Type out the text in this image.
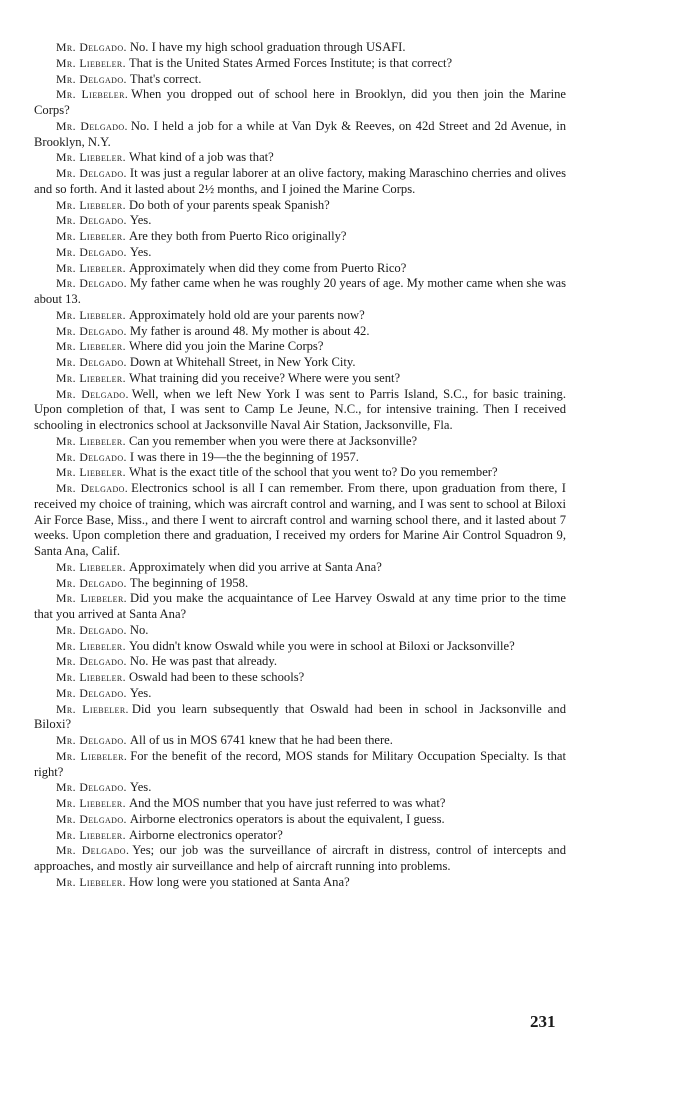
Mr. Delgado. No. I have my high school graduation through USAFI.

Mr. Liebeler. That is the United States Armed Forces Institute; is that correct?

Mr. Delgado. That's correct.

Mr. Liebeler. When you dropped out of school here in Brooklyn, did you then join the Marine Corps?

Mr. Delgado. No. I held a job for a while at Van Dyk & Reeves, on 42d Street and 2d Avenue, in Brooklyn, N.Y.

Mr. Liebeler. What kind of a job was that?

Mr. Delgado. It was just a regular laborer at an olive factory, making Maraschino cherries and olives and so forth. And it lasted about 2½ months, and I joined the Marine Corps.

Mr. Liebeler. Do both of your parents speak Spanish?

Mr. Delgado. Yes.

Mr. Liebeler. Are they both from Puerto Rico originally?

Mr. Delgado. Yes.

Mr. Liebeler. Approximately when did they come from Puerto Rico?

Mr. Delgado. My father came when he was roughly 20 years of age. My mother came when she was about 13.

Mr. Liebeler. Approximately hold old are your parents now?

Mr. Delgado. My father is around 48. My mother is about 42.

Mr. Liebeler. Where did you join the Marine Corps?

Mr. Delgado. Down at Whitehall Street, in New York City.

Mr. Liebeler. What training did you receive? Where were you sent?

Mr. Delgado. Well, when we left New York I was sent to Parris Island, S.C., for basic training. Upon completion of that, I was sent to Camp Le Jeune, N.C., for intensive training. Then I received schooling in electronics school at Jacksonville Naval Air Station, Jacksonville, Fla.

Mr. Liebeler. Can you remember when you were there at Jacksonville?

Mr. Delgado. I was there in 19—the the beginning of 1957.

Mr. Liebeler. What is the exact title of the school that you went to? Do you remember?

Mr. Delgado. Electronics school is all I can remember. From there, upon graduation from there, I received my choice of training, which was aircraft control and warning, and I was sent to school at Biloxi Air Force Base, Miss., and there I went to aircraft control and warning school there, and it lasted about 7 weeks. Upon completion there and graduation, I received my orders for Marine Air Control Squadron 9, Santa Ana, Calif.

Mr. Liebeler. Approximately when did you arrive at Santa Ana?

Mr. Delgado. The beginning of 1958.

Mr. Liebeler. Did you make the acquaintance of Lee Harvey Oswald at any time prior to the time that you arrived at Santa Ana?

Mr. Delgado. No.

Mr. Liebeler. You didn't know Oswald while you were in school at Biloxi or Jacksonville?

Mr. Delgado. No. He was past that already.

Mr. Liebeler. Oswald had been to these schools?

Mr. Delgado. Yes.

Mr. Liebeler. Did you learn subsequently that Oswald had been in school in Jacksonville and Biloxi?

Mr. Delgado. All of us in MOS 6741 knew that he had been there.

Mr. Liebeler. For the benefit of the record, MOS stands for Military Occupation Specialty. Is that right?

Mr. Delgado. Yes.

Mr. Liebeler. And the MOS number that you have just referred to was what?

Mr. Delgado. Airborne electronics operators is about the equivalent, I guess.

Mr. Liebeler. Airborne electronics operator?

Mr. Delgado. Yes; our job was the surveillance of aircraft in distress, control of intercepts and approaches, and mostly air surveillance and help of aircraft running into problems.

Mr. Liebeler. How long were you stationed at Santa Ana?

231
